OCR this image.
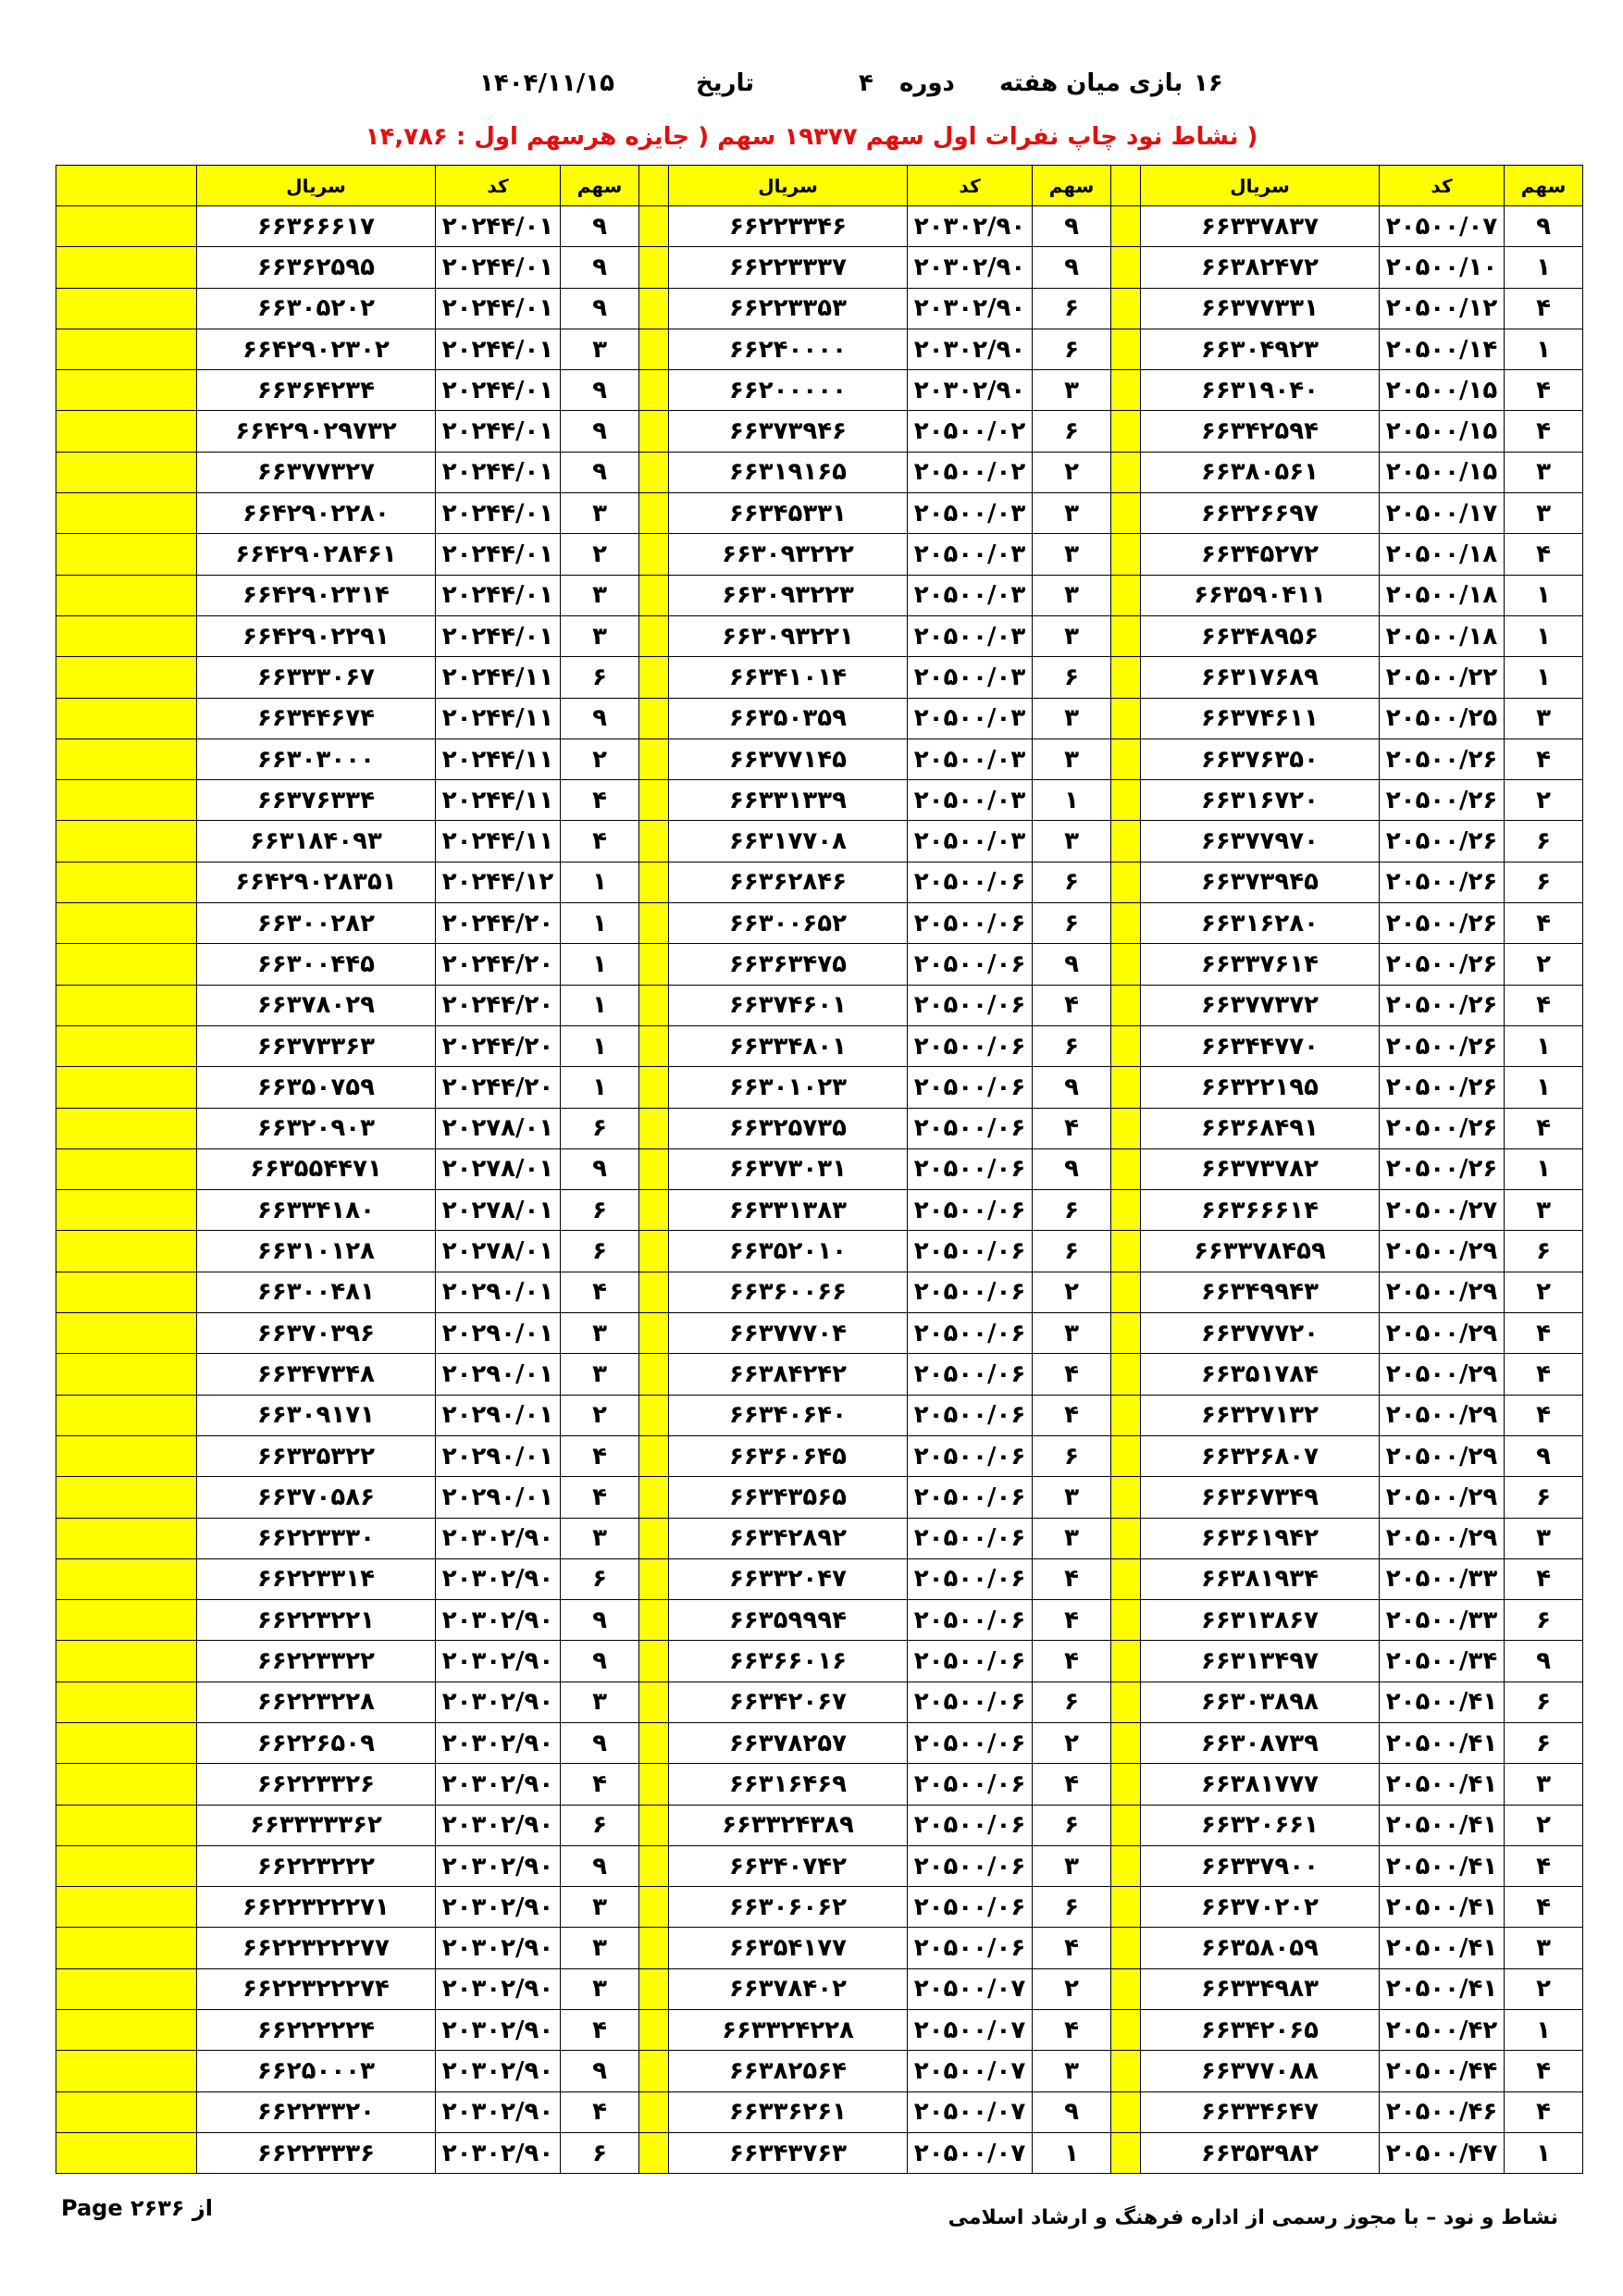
۱۶
بازی میان هفته
دوره
۴
تاریخ
۱۴۰۴/۱۱/۱۵
( نشاط نود چاپ نفرات اول سهم ۱۹۳۷۷ سهم ( جایزه هرسهم اول : ۱۴,۷۸۶
سهم	کد	سریال		سهم	کد	سریال		سهم	کد	سریال	
۹	۲۰۵۰۰/۰۷	۶۶۳۳۷۸۳۷		۹	۲۰۳۰۲/۹۰	۶۶۲۲۳۳۴۶		۹	۲۰۲۴۴/۰۱	۶۶۳۶۶۶۱۷	
۱	۲۰۵۰۰/۱۰	۶۶۳۸۲۴۷۲		۹	۲۰۳۰۲/۹۰	۶۶۲۲۳۳۳۷		۹	۲۰۲۴۴/۰۱	۶۶۳۶۲۵۹۵	
۴	۲۰۵۰۰/۱۲	۶۶۳۷۷۳۳۱		۶	۲۰۳۰۲/۹۰	۶۶۲۲۳۳۵۳		۹	۲۰۲۴۴/۰۱	۶۶۳۰۵۲۰۲	
۱	۲۰۵۰۰/۱۴	۶۶۳۰۴۹۲۳		۶	۲۰۳۰۲/۹۰	۶۶۲۴۰۰۰۰		۳	۲۰۲۴۴/۰۱	۶۶۴۲۹۰۲۳۰۲	
۴	۲۰۵۰۰/۱۵	۶۶۳۱۹۰۴۰		۳	۲۰۳۰۲/۹۰	۶۶۲۰۰۰۰۰		۹	۲۰۲۴۴/۰۱	۶۶۳۶۴۲۳۴	
۴	۲۰۵۰۰/۱۵	۶۶۳۴۲۵۹۴		۶	۲۰۵۰۰/۰۲	۶۶۳۷۳۹۴۶		۹	۲۰۲۴۴/۰۱	۶۶۴۲۹۰۲۹۷۳۲	
۳	۲۰۵۰۰/۱۵	۶۶۳۸۰۵۶۱		۲	۲۰۵۰۰/۰۲	۶۶۳۱۹۱۶۵		۹	۲۰۲۴۴/۰۱	۶۶۳۷۷۳۲۷	
۳	۲۰۵۰۰/۱۷	۶۶۳۲۶۶۹۷		۳	۲۰۵۰۰/۰۳	۶۶۳۴۵۳۳۱		۳	۲۰۲۴۴/۰۱	۶۶۴۲۹۰۲۲۸۰	
۴	۲۰۵۰۰/۱۸	۶۶۳۴۵۲۷۲		۳	۲۰۵۰۰/۰۳	۶۶۳۰۹۳۲۲۲		۲	۲۰۲۴۴/۰۱	۶۶۴۲۹۰۲۸۴۶۱	
۱	۲۰۵۰۰/۱۸	۶۶۳۵۹۰۴۱۱		۳	۲۰۵۰۰/۰۳	۶۶۳۰۹۳۲۲۳		۳	۲۰۲۴۴/۰۱	۶۶۴۲۹۰۲۳۱۴	
۱	۲۰۵۰۰/۱۸	۶۶۳۴۸۹۵۶		۳	۲۰۵۰۰/۰۳	۶۶۳۰۹۳۲۲۱		۳	۲۰۲۴۴/۰۱	۶۶۴۲۹۰۲۲۹۱	
۱	۲۰۵۰۰/۲۲	۶۶۳۱۷۶۸۹		۶	۲۰۵۰۰/۰۳	۶۶۳۴۱۰۱۴		۶	۲۰۲۴۴/۱۱	۶۶۳۳۳۰۶۷	
۳	۲۰۵۰۰/۲۵	۶۶۳۷۴۶۱۱		۳	۲۰۵۰۰/۰۳	۶۶۳۵۰۳۵۹		۹	۲۰۲۴۴/۱۱	۶۶۳۴۴۶۷۴	
۴	۲۰۵۰۰/۲۶	۶۶۳۷۶۳۵۰		۳	۲۰۵۰۰/۰۳	۶۶۳۷۷۱۴۵		۲	۲۰۲۴۴/۱۱	۶۶۳۰۳۰۰۰	
۲	۲۰۵۰۰/۲۶	۶۶۳۱۶۷۲۰		۱	۲۰۵۰۰/۰۳	۶۶۳۳۱۳۳۹		۴	۲۰۲۴۴/۱۱	۶۶۳۷۶۳۳۴	
۶	۲۰۵۰۰/۲۶	۶۶۳۷۷۹۷۰		۳	۲۰۵۰۰/۰۳	۶۶۳۱۷۷۰۸		۴	۲۰۲۴۴/۱۱	۶۶۳۱۸۴۰۹۳	
۶	۲۰۵۰۰/۲۶	۶۶۳۷۳۹۴۵		۶	۲۰۵۰۰/۰۶	۶۶۳۶۲۸۴۶		۱	۲۰۲۴۴/۱۲	۶۶۴۲۹۰۲۸۳۵۱	
۴	۲۰۵۰۰/۲۶	۶۶۳۱۶۲۸۰		۶	۲۰۵۰۰/۰۶	۶۶۳۰۰۶۵۲		۱	۲۰۲۴۴/۲۰	۶۶۳۰۰۲۸۲	
۲	۲۰۵۰۰/۲۶	۶۶۳۳۷۶۱۴		۹	۲۰۵۰۰/۰۶	۶۶۳۶۳۴۷۵		۱	۲۰۲۴۴/۲۰	۶۶۳۰۰۴۴۵	
۴	۲۰۵۰۰/۲۶	۶۶۳۷۷۳۷۲		۴	۲۰۵۰۰/۰۶	۶۶۳۷۴۶۰۱		۱	۲۰۲۴۴/۲۰	۶۶۳۷۸۰۲۹	
۱	۲۰۵۰۰/۲۶	۶۶۳۴۴۷۷۰		۶	۲۰۵۰۰/۰۶	۶۶۳۳۴۸۰۱		۱	۲۰۲۴۴/۲۰	۶۶۳۷۳۳۶۳	
۱	۲۰۵۰۰/۲۶	۶۶۳۲۲۱۹۵		۹	۲۰۵۰۰/۰۶	۶۶۳۰۱۰۲۳		۱	۲۰۲۴۴/۲۰	۶۶۳۵۰۷۵۹	
۴	۲۰۵۰۰/۲۶	۶۶۳۶۸۴۹۱		۴	۲۰۵۰۰/۰۶	۶۶۳۲۵۷۳۵		۶	۲۰۲۷۸/۰۱	۶۶۳۲۰۹۰۳	
۱	۲۰۵۰۰/۲۶	۶۶۳۷۳۷۸۲		۹	۲۰۵۰۰/۰۶	۶۶۳۷۳۰۳۱		۹	۲۰۲۷۸/۰۱	۶۶۳۵۵۴۴۷۱	
۳	۲۰۵۰۰/۲۷	۶۶۳۶۶۶۱۴		۶	۲۰۵۰۰/۰۶	۶۶۳۳۱۳۸۳		۶	۲۰۲۷۸/۰۱	۶۶۳۳۴۱۸۰	
۶	۲۰۵۰۰/۲۹	۶۶۳۳۷۸۴۵۹		۶	۲۰۵۰۰/۰۶	۶۶۳۵۲۰۱۰		۶	۲۰۲۷۸/۰۱	۶۶۳۱۰۱۲۸	
۲	۲۰۵۰۰/۲۹	۶۶۳۴۹۹۴۳		۲	۲۰۵۰۰/۰۶	۶۶۳۶۰۰۶۶		۴	۲۰۲۹۰/۰۱	۶۶۳۰۰۴۸۱	
۴	۲۰۵۰۰/۲۹	۶۶۳۷۷۷۲۰		۳	۲۰۵۰۰/۰۶	۶۶۳۷۷۷۰۴		۳	۲۰۲۹۰/۰۱	۶۶۳۷۰۳۹۶	
۴	۲۰۵۰۰/۲۹	۶۶۳۵۱۷۸۴		۴	۲۰۵۰۰/۰۶	۶۶۳۸۴۲۴۲		۳	۲۰۲۹۰/۰۱	۶۶۳۴۷۳۴۸	
۴	۲۰۵۰۰/۲۹	۶۶۳۲۷۱۳۲		۴	۲۰۵۰۰/۰۶	۶۶۳۴۰۶۴۰		۲	۲۰۲۹۰/۰۱	۶۶۳۰۹۱۷۱	
۹	۲۰۵۰۰/۲۹	۶۶۳۲۶۸۰۷		۶	۲۰۵۰۰/۰۶	۶۶۳۶۰۶۴۵		۴	۲۰۲۹۰/۰۱	۶۶۳۳۵۳۲۲	
۶	۲۰۵۰۰/۲۹	۶۶۳۶۷۳۴۹		۳	۲۰۵۰۰/۰۶	۶۶۳۴۳۵۶۵		۴	۲۰۲۹۰/۰۱	۶۶۳۷۰۵۸۶	
۳	۲۰۵۰۰/۲۹	۶۶۳۶۱۹۴۲		۳	۲۰۵۰۰/۰۶	۶۶۳۴۲۸۹۲		۳	۲۰۳۰۲/۹۰	۶۶۲۲۳۳۳۰	
۴	۲۰۵۰۰/۳۳	۶۶۳۸۱۹۳۴		۴	۲۰۵۰۰/۰۶	۶۶۳۳۲۰۴۷		۶	۲۰۳۰۲/۹۰	۶۶۲۲۳۳۱۴	
۶	۲۰۵۰۰/۳۳	۶۶۳۱۳۸۶۷		۴	۲۰۵۰۰/۰۶	۶۶۳۵۹۹۹۴		۹	۲۰۳۰۲/۹۰	۶۶۲۲۳۲۲۱	
۹	۲۰۵۰۰/۳۴	۶۶۳۱۳۴۹۷		۴	۲۰۵۰۰/۰۶	۶۶۳۶۶۰۱۶		۹	۲۰۳۰۲/۹۰	۶۶۲۲۳۳۲۲	
۶	۲۰۵۰۰/۴۱	۶۶۳۰۳۸۹۸		۶	۲۰۵۰۰/۰۶	۶۶۳۴۲۰۶۷		۳	۲۰۳۰۲/۹۰	۶۶۲۲۳۲۲۸	
۶	۲۰۵۰۰/۴۱	۶۶۳۰۸۷۳۹		۲	۲۰۵۰۰/۰۶	۶۶۳۷۸۲۵۷		۹	۲۰۳۰۲/۹۰	۶۶۲۲۶۵۰۹	
۳	۲۰۵۰۰/۴۱	۶۶۳۸۱۷۷۷		۴	۲۰۵۰۰/۰۶	۶۶۳۱۶۴۶۹		۴	۲۰۳۰۲/۹۰	۶۶۲۲۳۳۲۶	
۲	۲۰۵۰۰/۴۱	۶۶۳۲۰۶۶۱		۶	۲۰۵۰۰/۰۶	۶۶۳۳۲۴۳۸۹		۶	۲۰۳۰۲/۹۰	۶۶۳۳۳۳۳۶۲	
۴	۲۰۵۰۰/۴۱	۶۶۳۳۷۹۰۰		۳	۲۰۵۰۰/۰۶	۶۶۳۴۰۷۴۲		۹	۲۰۳۰۲/۹۰	۶۶۲۲۳۲۲۲	
۴	۲۰۵۰۰/۴۱	۶۶۳۷۰۲۰۲		۶	۲۰۵۰۰/۰۶	۶۶۳۰۶۰۶۲		۳	۲۰۳۰۲/۹۰	۶۶۲۲۳۲۲۲۷۱	
۳	۲۰۵۰۰/۴۱	۶۶۳۵۸۰۵۹		۴	۲۰۵۰۰/۰۶	۶۶۳۵۴۱۷۷		۳	۲۰۳۰۲/۹۰	۶۶۲۲۳۲۲۲۷۷	
۲	۲۰۵۰۰/۴۱	۶۶۳۳۴۹۸۳		۲	۲۰۵۰۰/۰۷	۶۶۳۷۸۴۰۲		۳	۲۰۳۰۲/۹۰	۶۶۲۲۳۲۲۲۷۴	
۱	۲۰۵۰۰/۴۲	۶۶۳۴۲۰۶۵		۴	۲۰۵۰۰/۰۷	۶۶۳۳۲۴۲۲۸		۴	۲۰۳۰۲/۹۰	۶۶۲۲۲۲۲۴	
۴	۲۰۵۰۰/۴۴	۶۶۳۷۷۰۸۸		۳	۲۰۵۰۰/۰۷	۶۶۳۸۲۵۶۴		۹	۲۰۳۰۲/۹۰	۶۶۲۵۰۰۰۳	
۴	۲۰۵۰۰/۴۶	۶۶۳۳۴۶۴۷		۹	۲۰۵۰۰/۰۷	۶۶۳۳۶۲۶۱		۴	۲۰۳۰۲/۹۰	۶۶۲۲۳۳۲۰	
۱	۲۰۵۰۰/۴۷	۶۶۳۵۳۹۸۲		۱	۲۰۵۰۰/۰۷	۶۶۳۴۳۷۶۳		۶	۲۰۳۰۲/۹۰	۶۶۲۲۳۳۳۶	
Page ۲۶۳۶ از	نشاط و نود – با مجوز رسمی از اداره فرهنگ و ارشاد اسلامی
